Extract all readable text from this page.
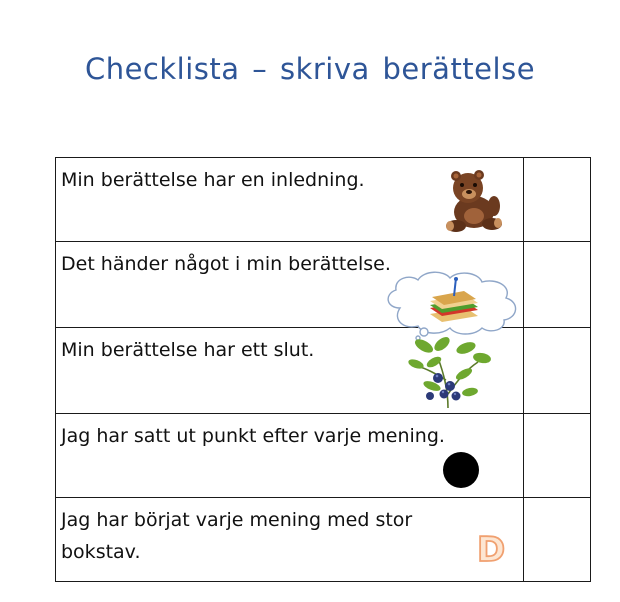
Checklista – skriva berättelse
Min berättelse har en inledning.	

Det händer något i min berättelse.	

Min berättelse har ett slut.	

Jag har satt ut punkt efter varje mening.	

Jag har börjat varje mening med stor bokstav. D	
